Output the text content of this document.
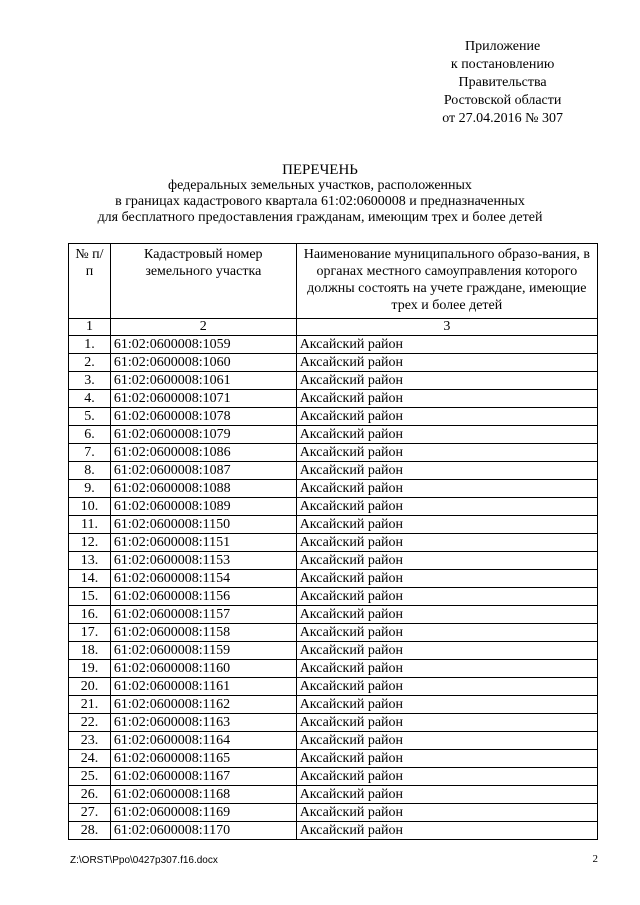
Приложение
к постановлению
Правительства
Ростовской области
от 27.04.2016 № 307
ПЕРЕЧЕНЬ
федеральных земельных участков, расположенных
в границах кадастрового квартала 61:02:0600008 и предназначенных
для бесплатного предоставления гражданам, имеющим трех и более детей
№ п/п	Кадастровый номер земельного участка	Наименование муниципального образо-вания, в органах местного самоуправления которого должны состоять на учете граждане, имеющие трех и более детей
1	2	3
1.	61:02:0600008:1059	Аксайский район
2.	61:02:0600008:1060	Аксайский район
3.	61:02:0600008:1061	Аксайский район
4.	61:02:0600008:1071	Аксайский район
5.	61:02:0600008:1078	Аксайский район
6.	61:02:0600008:1079	Аксайский район
7.	61:02:0600008:1086	Аксайский район
8.	61:02:0600008:1087	Аксайский район
9.	61:02:0600008:1088	Аксайский район
10.	61:02:0600008:1089	Аксайский район
11.	61:02:0600008:1150	Аксайский район
12.	61:02:0600008:1151	Аксайский район
13.	61:02:0600008:1153	Аксайский район
14.	61:02:0600008:1154	Аксайский район
15.	61:02:0600008:1156	Аксайский район
16.	61:02:0600008:1157	Аксайский район
17.	61:02:0600008:1158	Аксайский район
18.	61:02:0600008:1159	Аксайский район
19.	61:02:0600008:1160	Аксайский район
20.	61:02:0600008:1161	Аксайский район
21.	61:02:0600008:1162	Аксайский район
22.	61:02:0600008:1163	Аксайский район
23.	61:02:0600008:1164	Аксайский район
24.	61:02:0600008:1165	Аксайский район
25.	61:02:0600008:1167	Аксайский район
26.	61:02:0600008:1168	Аксайский район
27.	61:02:0600008:1169	Аксайский район
28.	61:02:0600008:1170	Аксайский район
Z:\ORST\Ppo\0427p307.f16.docx	2
